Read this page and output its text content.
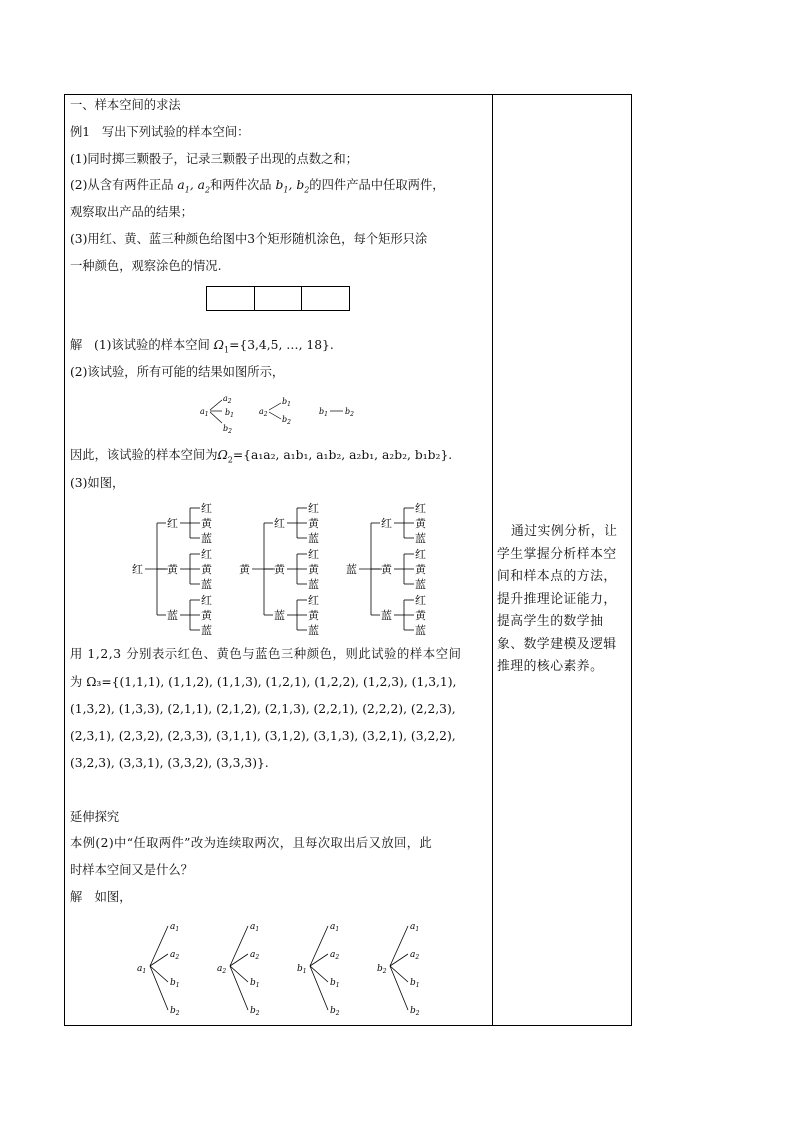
一、样本空间的求法
例1 写出下列试验的样本空间：
(1)同时掷三颗骰子，记录三颗骰子出现的点数之和；
(2)从含有两件正品 $a_1$, $a_2$和两件次品 $b_1$, $b_2$的四件产品中任取两件，
观察取出产品的结果；
(3)用红、黄、蓝三种颜色给图中3个矩形随机涂色，每个矩形只涂
一种颜色，观察涂色的情况.
解 (1)该试验的样本空间 $\Omega_1=\{3,4,5$, …, 18}.
(2)该试验，所有可能的结果如图所示，
因此，该试验的样本空间为$\Omega_2=\{a_1a_2$, a₁b₁, a₁b₂, a₂b₁, a₂b₂, b₁b₂}.
(3)如图，
用 1,2,3 分别表示红色、黄色与蓝色三种颜色，则此试验的样本空间
为 Ω₃={(1,1,1), (1,1,2), (1,1,3), (1,2,1), (1,2,2), (1,2,3), (1,3,1),
(1,3,2), (1,3,3), (2,1,1), (2,1,2), (2,1,3), (2,2,1), (2,2,2), (2,2,3),
(2,3,1), (2,3,2), (2,3,3), (3,1,1), (3,1,2), (3,1,3), (3,2,1), (3,2,2),
(3,2,3), (3,3,1), (3,3,2), (3,3,3)}.
延伸探究
本例(2)中“任取两件”改为连续取两次，且每次取出后又放回，此
时样本空间又是什么？
解　如图，
$a_1$
$a_2$
$b_1$
$b_2$
$a_2$
$b_1$
$b_2$
$b_1$ $b_2$
红
红
红
黄
蓝
黄
红
黄
蓝
蓝
红
黄
蓝
黄
红
红
黄
蓝
黄
红
黄
蓝
蓝
红
黄
蓝
蓝
红
红
黄
蓝
黄
红
黄
蓝
蓝
红
黄
蓝
$a_1$
$a_1$
$a_2$
$b_1$
$b_2$
$a_2$
$a_1$
$a_2$
$b_1$
$b_2$
$b_1$
$a_1$
$a_2$
$b_1$
$b_2$
$b_2$
$a_1$
$a_2$
$b_1$
$b_2$
通过实例分析，让学生掌握分析样本空间和样本点的方法，提升推理论证能力，提高学生的数学抽象、数学建模及逻辑推理的核心素养。
